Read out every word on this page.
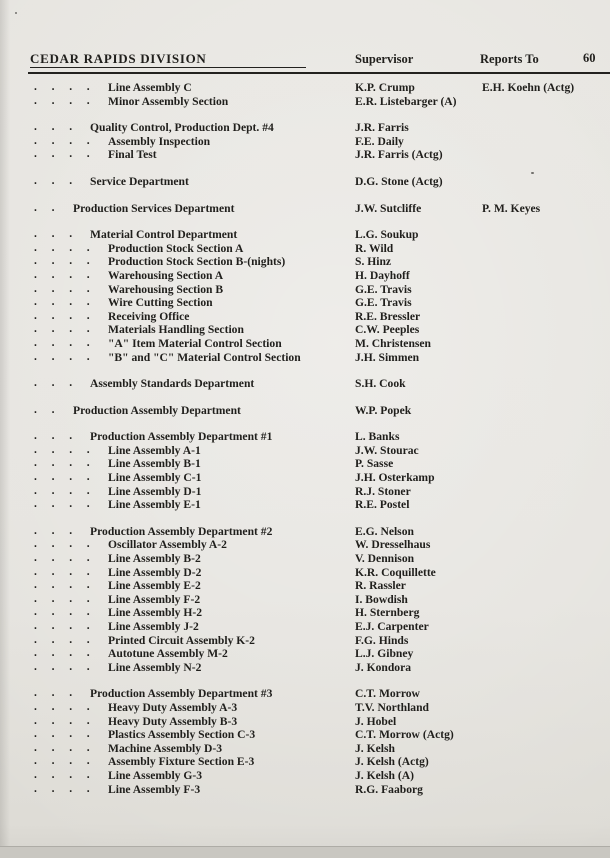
CEDAR RAPIDS DIVISION	Supervisor	Reports To	60
. . . .	Line Assembly C	K.P. Crump	E.H. Koehn (Actg)
. . . .	Minor Assembly Section	E.R. Listebarger (A)
. . .	Quality Control, Production Dept. #4	J.R. Farris
. . . .	Assembly Inspection	F.E. Daily
. . . .	Final Test	J.R. Farris (Actg)
. . .	Service Department	D.G. Stone (Actg)
. .	Production Services Department	J.W. Sutcliffe	P. M. Keyes
. . .	Material Control Department	L.G. Soukup
. . . .	Production Stock Section A	R. Wild
. . . .	Production Stock Section B-(nights)	S. Hinz
. . . .	Warehousing Section A	H. Dayhoff
. . . .	Warehousing Section B	G.E. Travis
. . . .	Wire Cutting Section	G.E. Travis
. . . .	Receiving Office	R.E. Bressler
. . . .	Materials Handling Section	C.W. Peeples
. . . .	"A" Item Material Control Section	M. Christensen
. . . .	"B" and "C" Material Control Section	J.H. Simmen
. . .	Assembly Standards Department	S.H. Cook
. .	Production Assembly Department	W.P. Popek
. . .	Production Assembly Department #1	L. Banks
. . . .	Line Assembly A-1	J.W. Stourac
. . . .	Line Assembly B-1	P. Sasse
. . . .	Line Assembly C-1	J.H. Osterkamp
. . . .	Line Assembly D-1	R.J. Stoner
. . . .	Line Assembly E-1	R.E. Postel
. . .	Production Assembly Department #2	E.G. Nelson
. . . .	Oscillator Assembly A-2	W. Dresselhaus
. . . .	Line Assembly B-2	V. Dennison
. . . .	Line Assembly D-2	K.R. Coquillette
. . . .	Line Assembly E-2	R. Rassler
. . . .	Line Assembly F-2	I. Bowdish
. . . .	Line Assembly H-2	H. Sternberg
. . . .	Line Assembly J-2	E.J. Carpenter
. . . .	Printed Circuit Assembly K-2	F.G. Hinds
. . . .	Autotune Assembly M-2	L.J. Gibney
. . . .	Line Assembly N-2	J. Kondora
. . .	Production Assembly Department #3	C.T. Morrow
. . . .	Heavy Duty Assembly A-3	T.V. Northland
. . . .	Heavy Duty Assembly B-3	J. Hobel
. . . .	Plastics Assembly Section C-3	C.T. Morrow (Actg)
. . . .	Machine Assembly D-3	J. Kelsh
. . . .	Assembly Fixture Section E-3	J. Kelsh (Actg)
. . . .	Line Assembly G-3	J. Kelsh (A)
. . . .	Line Assembly F-3	R.G. Faaborg
